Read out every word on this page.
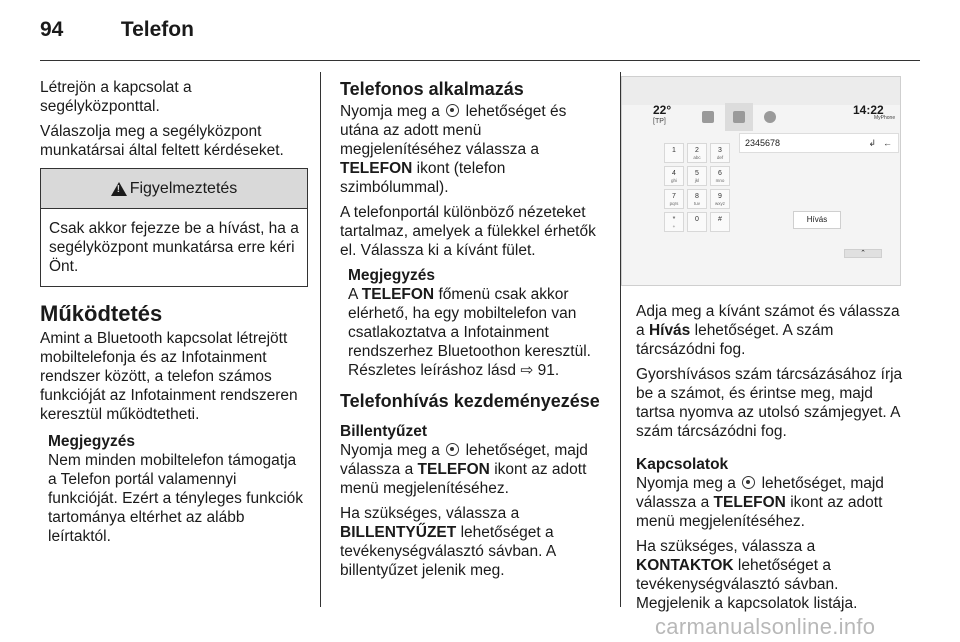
94	Telefon

Létrejön a kapcsolat a segélyközponttal.

Válaszolja meg a segélyközpont munkatársai által feltett kérdéseket.

! Figyelmeztetés
Csak akkor fejezze be a hívást, ha a segélyközpont munkatársa erre kéri Önt.
Működtetés

Amint a Bluetooth kapcsolat létrejött mobiltelefonja és az Infotainment rendszer között, a telefon számos funkcióját az Infotainment rendszeren keresztül működtetheti.

Megjegyzés
Nem minden mobiltelefon támogatja a Telefon portál valamennyi funkcióját. Ezért a tényleges funkciók tartománya eltérhet az alább leírtaktól.
Telefonos alkalmazás

Nyomja meg a lehetőséget és utána az adott menü megjelenítéséhez válassza a TELEFON ikont (telefon szimbólummal).

A telefonportál különböző nézeteket tartalmaz, amelyek a fülekkel érhetők el. Válassza ki a kívánt fület.

Megjegyzés
A TELEFON főmenü csak akkor elérhető, ha egy mobiltelefon van csatlakoztatva a Infotainment rendszerhez Bluetoothon keresztül. Részletes leíráshoz lásd ⇨ 91.
Telefonhívás kezdeményezése
Billentyűzet

Nyomja meg a lehetőséget, majd válassza a TELEFON ikont az adott menü megjelenítéséhez.

Ha szükséges, válassza a BILLENTYŰZET lehetőséget a tevékenységválasztó sávban. A billentyűzet jelenik meg.

22°
[TP]
14:22
MyPhone
2345678	↲ ←
1	2
abc
3
def
4
ghi
5
jkl
6
mno
7
pqrs
8
tuv
9
wxyz
*
+
0	#	Hívás
⌃

Adja meg a kívánt számot és válassza a Hívás lehetőséget. A szám tárcsázódni fog.

Gyorshívásos szám tárcsázásához írja be a számot, és érintse meg, majd tartsa nyomva az utolsó számjegyet. A szám tárcsázódni fog.

Kapcsolatok

Nyomja meg a lehetőséget, majd válassza a TELEFON ikont az adott menü megjelenítéséhez.

Ha szükséges, válassza a KONTAKTOK lehetőséget a tevékenységválasztó sávban. Megjelenik a kapcsolatok listája.

carmanualsonline.info
